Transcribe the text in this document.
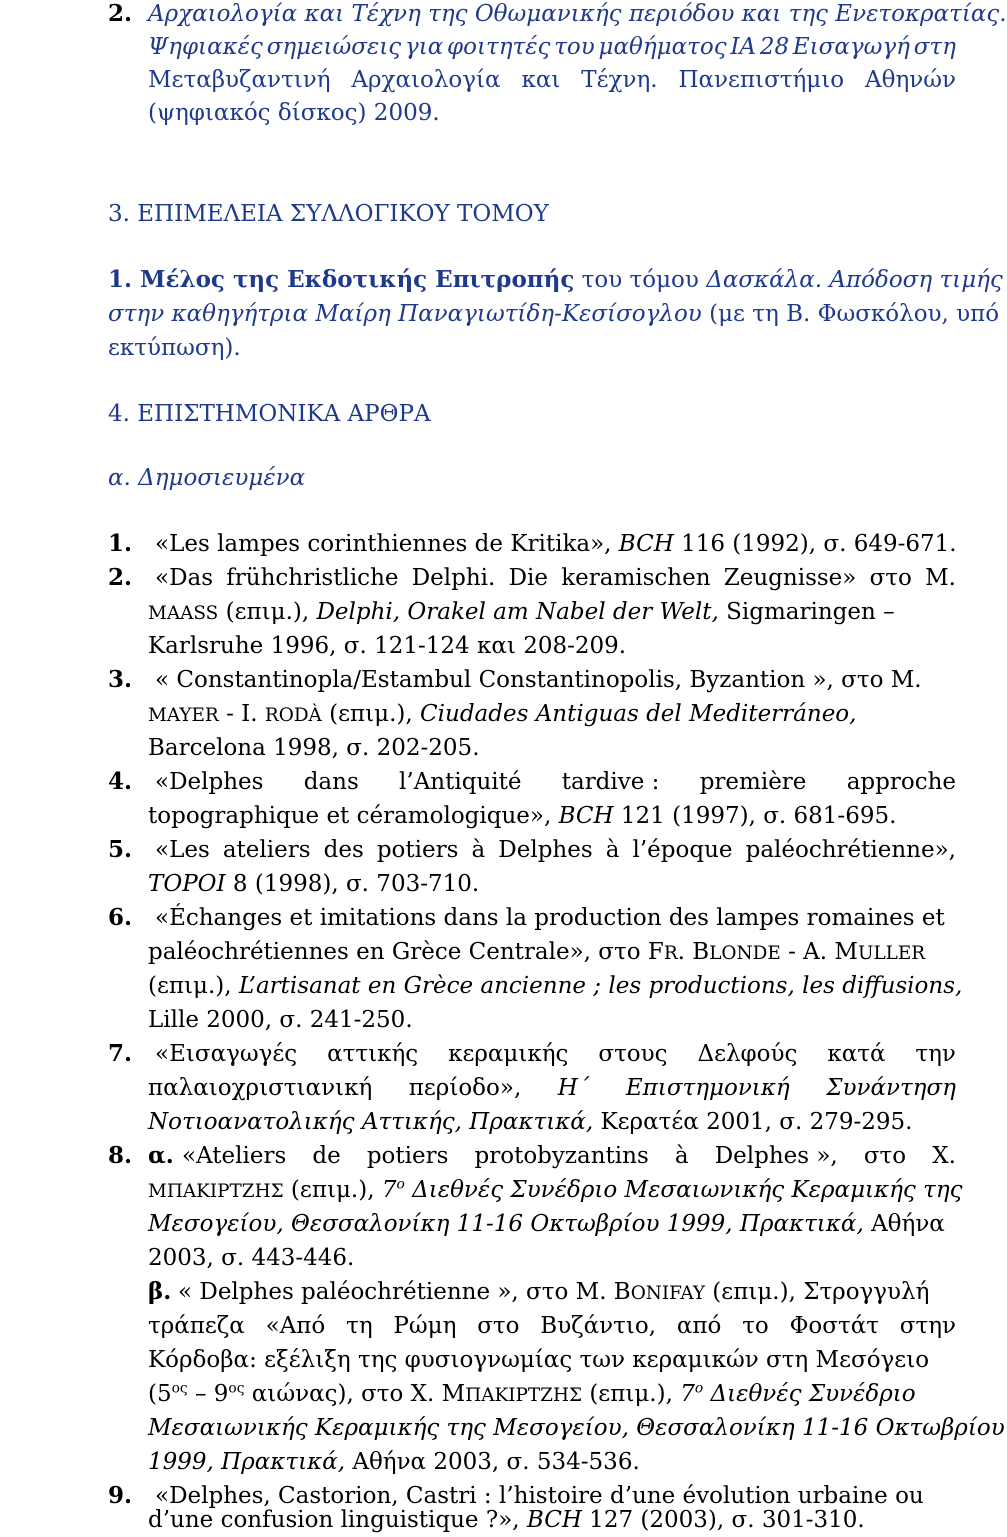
2. Αρχαιολογία και Τέχνη της Οθωμανικής περιόδου και της Ενετοκρατίας.
Ψηφιακές σημειώσεις για φοιτητές του μαθήματος ΙΑ 28 Εισαγωγή στη
Μεταβυζαντινή Αρχαιολογία και Τέχνη. Πανεπιστήμιο Αθηνών
(ψηφιακός δίσκος) 2009.
3. ΕΠΙΜΕΛΕΙΑ ΣΥΛΛΟΓΙΚΟΥ ΤΟΜΟΥ
1. Μέλος της Εκδοτικής Επιτροπής του τόμου Δασκάλα. Απόδοση τιμής
στην καθηγήτρια Μαίρη Παναγιωτίδη-Κεσίσογλου (με τη Β. Φωσκόλου, υπό
εκτύπωση).
4. ΕΠΙΣΤΗΜΟΝΙΚΑ ΑΡΘΡΑ
α. Δημοσιευμένα
1. «Les lampes corinthiennes de Kritika», BCH 116 (1992), σ. 649-671.
2. «Das frühchristliche Delphi. Die keramischen Zeugnisse» στο M.
MAASS (επιμ.), Delphi, Orakel am Nabel der Welt, Sigmaringen –
Karlsruhe 1996, σ. 121-124 και 208-209.
3. « Constantinopla/Estambul Constantinopolis, Byzantion », στο M.
MAYER - I. RODÀ (επιμ.), Ciudades Antiguas del Mediterráneo,
Barcelona 1998, σ. 202-205.
4. «Delphes dans l’Antiquité tardive : première approche
topographique et céramologique», BCH 121 (1997), σ. 681-695.
5. «Les ateliers des potiers à Delphes à l’époque paléochrétienne»,
TOPOI 8 (1998), σ. 703-710.
6. «Échanges et imitations dans la production des lampes romaines et
paléochrétiennes en Grèce Centrale», στο FR. BLONDE - A. MULLER
(επιμ.), L’artisanat en Grèce ancienne ; les productions, les diffusions,
Lille 2000, σ. 241-250.
7. «Εισαγωγές αττικής κεραμικής στους Δελφούς κατά την
παλαιοχριστιανική περίοδο», Η΄ Επιστημονική Συνάντηση
Νοτιοανατολικής Αττικής, Πρακτικά, Κερατέα 2001, σ. 279-295.
8. α. «Ateliers de potiers protobyzantins à Delphes », στο Χ.
ΜΠΑΚΙΡΤΖΗΣ (επιμ.), $7^o$ Διεθνές Συνέδριο Μεσαιωνικής Κεραμικής της
Μεσογείου, Θεσσαλονίκη 11-16 Οκτωβρίου 1999, Πρακτικά, Αθήνα
2003, σ. 443-446.
β. « Delphes paléochrétienne », στο M. BONIFAY (επιμ.), Στρογγυλή
τράπεζα «Από τη Ρώμη στο Βυζάντιο, από το Φοστάτ στην
Κόρδοβα: εξέλιξη της φυσιογνωμίας των κεραμικών στη Μεσόγειο
($5^{o\varsigma} - 9^{o\varsigma}$ αιώνας), στο Χ. ΜΠΑΚΙΡΤΖΗΣ (επιμ.), $7^o$ Διεθνές Συνέδριο
Μεσαιωνικής Κεραμικής της Μεσογείου, Θεσσαλονίκη 11-16 Οκτωβρίου
1999, Πρακτικά, Αθήνα 2003, σ. 534-536.
9. «Delphes, Castorion, Castri : l’histoire d’une évolution urbaine ou
d’une confusion linguistique ?», BCH 127 (2003), σ. 301-310.
